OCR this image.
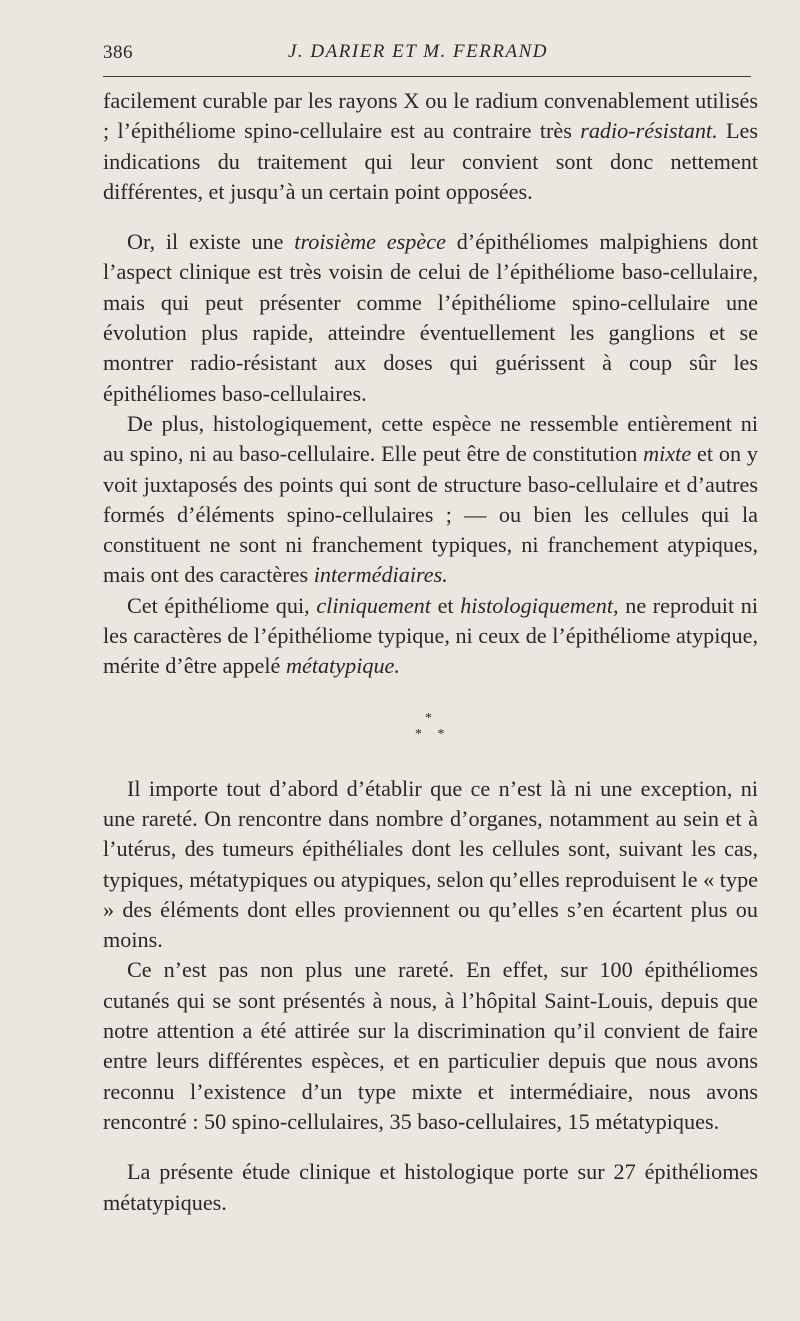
386	J. DARIER ET M. FERRAND

facilement curable par les rayons X ou le radium convenablement utilisés ; l’épithéliome spino-cellulaire est au contraire très radio-résistant. Les indications du traitement qui leur convient sont donc nettement différentes, et jusqu’à un certain point opposées.

Or, il existe une troisième espèce d’épithéliomes malpighiens dont l’aspect clinique est très voisin de celui de l’épithéliome baso-cellulaire, mais qui peut présenter comme l’épithéliome spino-cellulaire une évolution plus rapide, atteindre éventuellement les ganglions et se montrer radio-résistant aux doses qui guérissent à coup sûr les épithéliomes baso-cellulaires.

De plus, histologiquement, cette espèce ne ressemble entièrement ni au spino, ni au baso-cellulaire. Elle peut être de constitution mixte et on y voit juxtaposés des points qui sont de structure baso-cellulaire et d’autres formés d’éléments spino-cellulaires ; — ou bien les cellules qui la constituent ne sont ni franchement typiques, ni franchement atypiques, mais ont des caractères intermédiaires.

Cet épithéliome qui, cliniquement et histologiquement, ne reproduit ni les caractères de l’épithéliome typique, ni ceux de l’épithéliome atypique, mérite d’être appelé métatypique.

*
* *

Il importe tout d’abord d’établir que ce n’est là ni une exception, ni une rareté. On rencontre dans nombre d’organes, notamment au sein et à l’utérus, des tumeurs épithéliales dont les cellules sont, suivant les cas, typiques, métatypiques ou atypiques, selon qu’elles reproduisent le « type » des éléments dont elles proviennent ou qu’elles s’en écartent plus ou moins.

Ce n’est pas non plus une rareté. En effet, sur 100 épithéliomes cutanés qui se sont présentés à nous, à l’hôpital Saint-Louis, depuis que notre attention a été attirée sur la discrimination qu’il convient de faire entre leurs différentes espèces, et en particulier depuis que nous avons reconnu l’existence d’un type mixte et intermédiaire, nous avons rencontré : 50 spino-cellulaires, 35 baso-cellulaires, 15 métatypiques.

La présente étude clinique et histologique porte sur 27 épithéliomes métatypiques.
